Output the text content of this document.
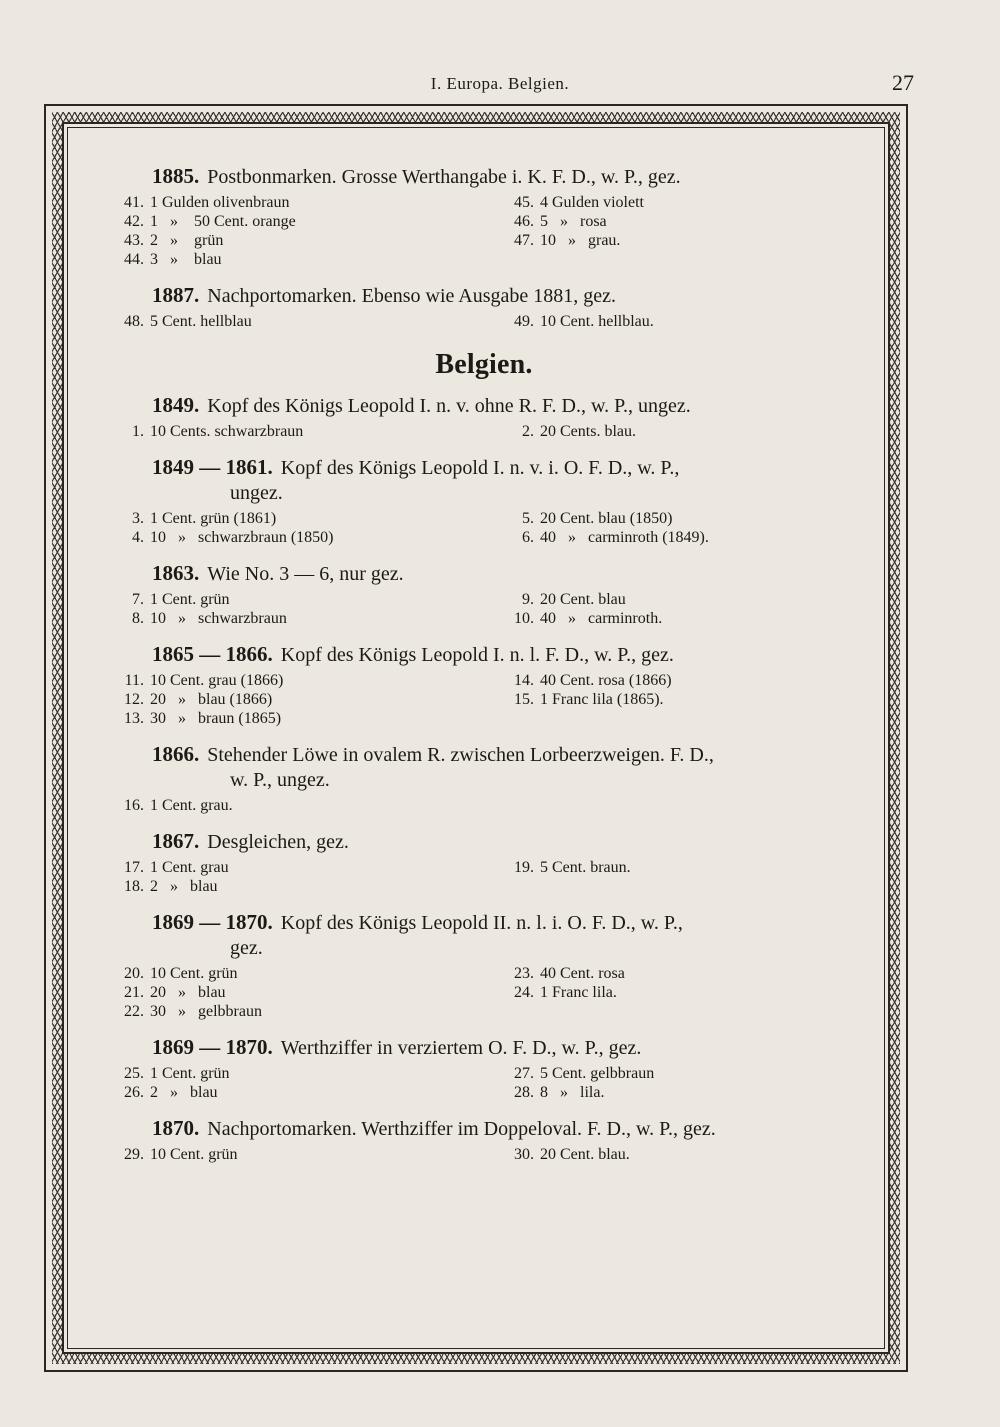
I. Europa. Belgien.	27
1885. Postbonmarken. Grosse Werthangabe i. K. F. D., w. P., gez.
41. 1 Gulden olivenbraun	45. 4 Gulden violett
42. 1   »    50 Cent. orange	46. 5   »   rosa
43. 2   »    grün	47. 10   »   grau.
44. 3   »    blau
1887. Nachportomarken. Ebenso wie Ausgabe 1881, gez.
48. 5 Cent. hellblau	49. 10 Cent. hellblau.
Belgien.
1849. Kopf des Königs Leopold I. n. v. ohne R. F. D., w. P., ungez.
1. 10 Cents. schwarzbraun	2. 20 Cents. blau.
1849 — 1861. Kopf des Königs Leopold I. n. v. i. O. F. D., w. P.,
ungez.
3. 1 Cent. grün (1861)	5. 20 Cent. blau (1850)
4. 10   »   schwarzbraun (1850)	6. 40   »   carminroth (1849).
1863. Wie No. 3 — 6, nur gez.
7. 1 Cent. grün	9. 20 Cent. blau
8. 10   »   schwarzbraun	10. 40   »   carminroth.
1865 — 1866. Kopf des Königs Leopold I. n. l. F. D., w. P., gez.
11. 10 Cent. grau (1866)	14. 40 Cent. rosa (1866)
12. 20   »   blau (1866)	15. 1 Franc lila (1865).
13. 30   »   braun (1865)
1866. Stehender Löwe in ovalem R. zwischen Lorbeerzweigen. F. D.,
w. P., ungez.
16. 1 Cent. grau.
1867. Desgleichen, gez.
17. 1 Cent. grau	19. 5 Cent. braun.
18. 2   »   blau
1869 — 1870. Kopf des Königs Leopold II. n. l. i. O. F. D., w. P.,
gez.
20. 10 Cent. grün	23. 40 Cent. rosa
21. 20   »   blau	24. 1 Franc lila.
22. 30   »   gelbbraun
1869 — 1870. Werthziffer in verziertem O. F. D., w. P., gez.
25. 1 Cent. grün	27. 5 Cent. gelbbraun
26. 2   »   blau	28. 8   »   lila.
1870. Nachportomarken. Werthziffer im Doppeloval. F. D., w. P., gez.
29. 10 Cent. grün	30. 20 Cent. blau.
